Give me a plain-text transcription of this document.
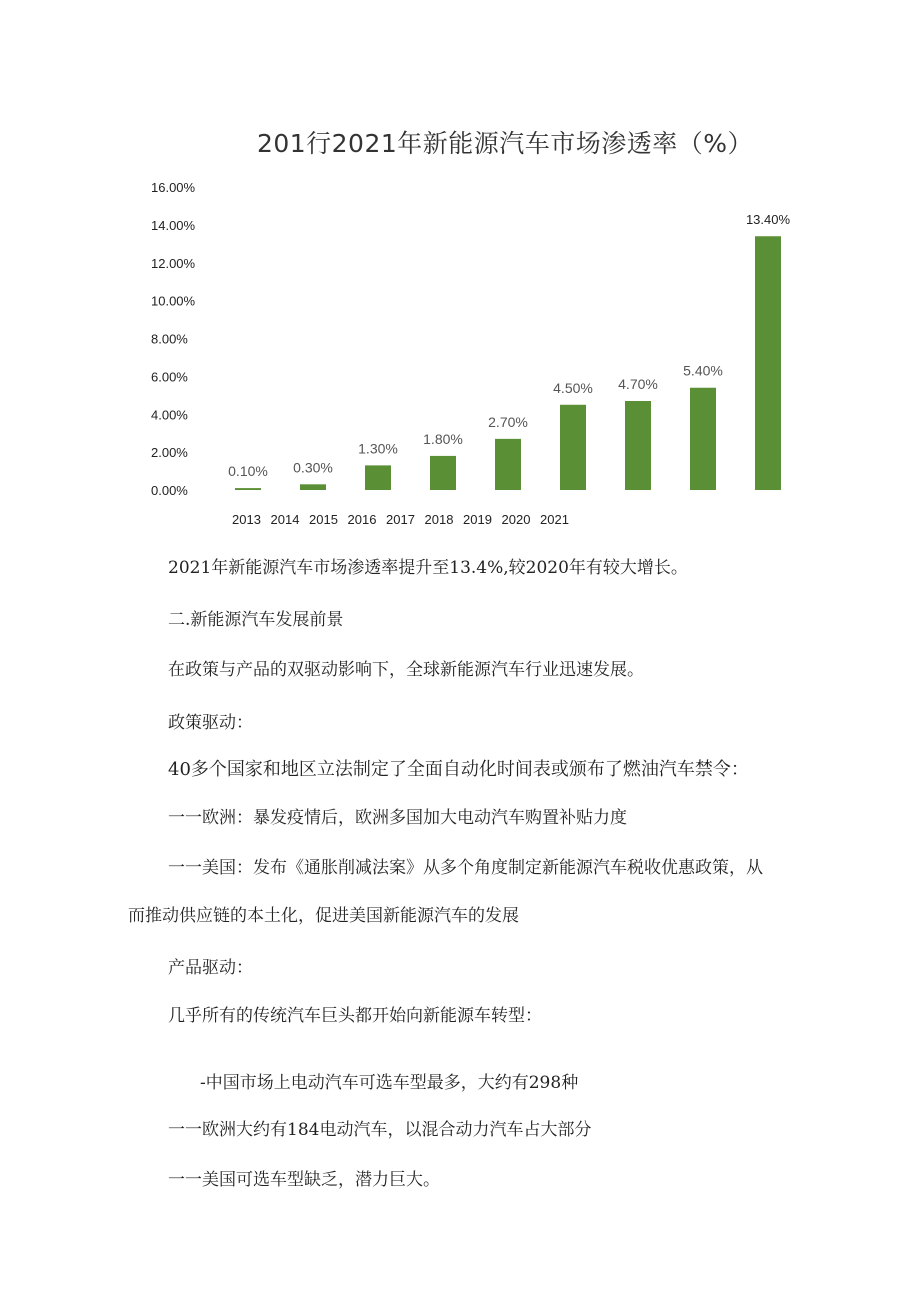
201行2021年新能源汽车市场渗透率（%）
0.00%
2.00%
4.00%
6.00%
8.00%
10.00%
12.00%
14.00%
16.00%
0.10% 0.30%
1.30%
1.80%
2.70%
4.50% 4.70%
5.40%
13.40%
2013 2014 2015 2016 2017 2018 2019 2020 2021
2021年新能源汽车市场渗透率提升至13.4%,较2020年有较大增长。
二.新能源汽车发展前景
在政策与产品的双驱动影响下，全球新能源汽车行业迅速发展。
政策驱动：
40多个国家和地区立法制定了全面自动化时间表或颁布了燃油汽车禁令：
一一欧洲：暴发疫情后，欧洲多国加大电动汽车购置补贴力度
一一美国：发布《通胀削减法案》从多个角度制定新能源汽车税收优惠政策，从
而推动供应链的本土化，促进美国新能源汽车的发展
产品驱动：
几乎所有的传统汽车巨头都开始向新能源车转型：
-中国市场上电动汽车可选车型最多，大约有298种
一一欧洲大约有184电动汽车，以混合动力汽车占大部分
一一美国可选车型缺乏，潜力巨大。
